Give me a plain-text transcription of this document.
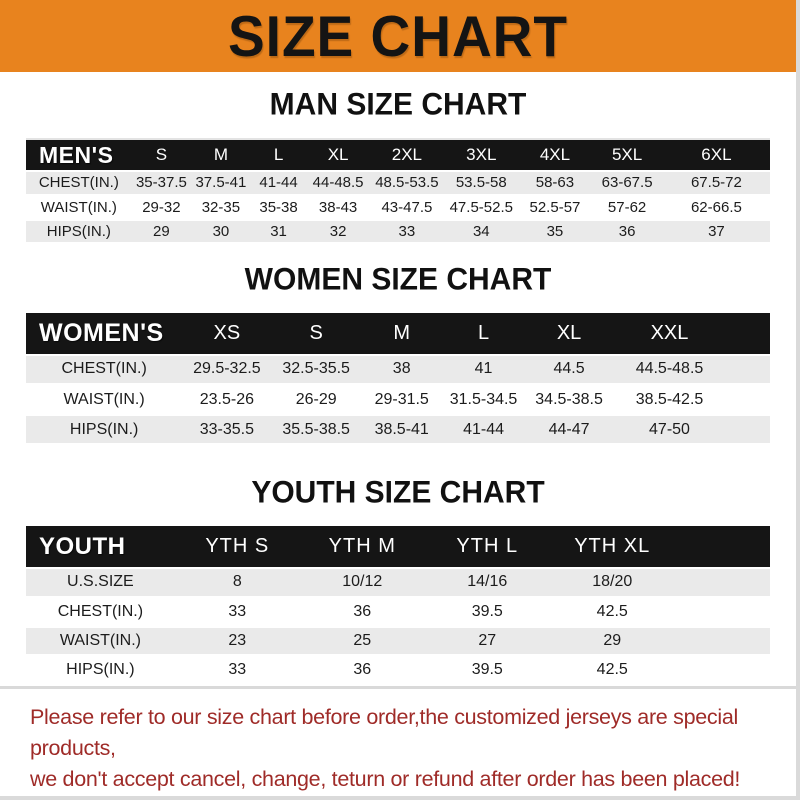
SIZE CHART
MAN SIZE CHART
MEN'S	S	M	L	XL	2XL	3XL	4XL	5XL	6XL
CHEST(IN.)	35-37.5	37.5-41	41-44	44-48.5	48.5-53.5	53.5-58	58-63	63-67.5	67.5-72
WAIST(IN.)	29-32	32-35	35-38	38-43	43-47.5	47.5-52.5	52.5-57	57-62	62-66.5
HIPS(IN.)	29	30	31	32	33	34	35	36	37
WOMEN SIZE CHART
WOMEN'S	XS	S	M	L	XL	XXL	
CHEST(IN.)	29.5-32.5	32.5-35.5	38	41	44.5	44.5-48.5	
WAIST(IN.)	23.5-26	26-29	29-31.5	31.5-34.5	34.5-38.5	38.5-42.5	
HIPS(IN.)	33-35.5	35.5-38.5	38.5-41	41-44	44-47	47-50	
YOUTH SIZE CHART
YOUTH	YTH S	YTH M	YTH L	YTH XL	
U.S.SIZE	8	10/12	14/16	18/20	
CHEST(IN.)	33	36	39.5	42.5	
WAIST(IN.)	23	25	27	29	
HIPS(IN.)	33	36	39.5	42.5	

Please refer to our size chart before order,the customized jerseys are special products,

we don't accept cancel, change, teturn or refund after order has been placed!
